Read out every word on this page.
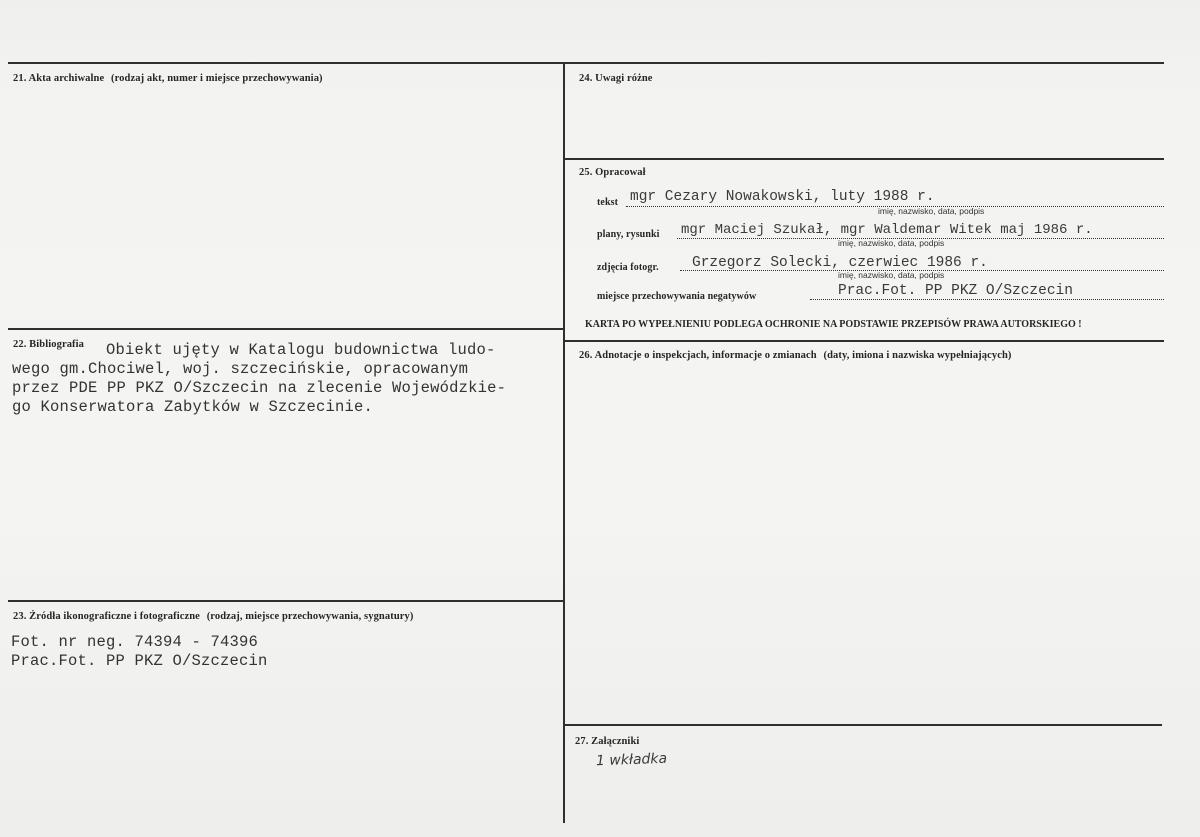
21. Akta archiwalne (rodzaj akt, numer i miejsce przechowywania)
22. Bibliografia	Obiekt ujęty w Katalogu budownictwa ludo-
wego gm.Chociwel, woj. szczecińskie, opracowanym
przez PDE PP PKZ O/Szczecin na zlecenie Wojewódzkie-
go Konserwatora Zabytków w Szczecinie.
23. Źródła ikonograficzne i fotograficzne (rodzaj, miejsce przechowywania, sygnatury)
Fot. nr neg. 74394 - 74396
Prac.Fot. PP PKZ O/Szczecin
24. Uwagi różne
25. Opracował
tekst mgr Cezary Nowakowski, luty 1988 r.
imię, nazwisko, data, podpis
plany, rysunki mgr Maciej Szukał, mgr Waldemar Witek maj 1986 r.
imię, nazwisko, data, podpis
zdjęcia fotogr. Grzegorz Solecki, czerwiec 1986 r.
imię, nazwisko, data, podpis
miejsce przechowywania negatywów	Prac.Fot. PP PKZ O/Szczecin
KARTA PO WYPEŁNIENIU PODLEGA OCHRONIE NA PODSTAWIE PRZEPISÓW PRAWA AUTORSKIEGO !
26. Adnotacje o inspekcjach, informacje o zmianach (daty, imiona i nazwiska wypełniających)
27. Załączniki
1 wkładka
